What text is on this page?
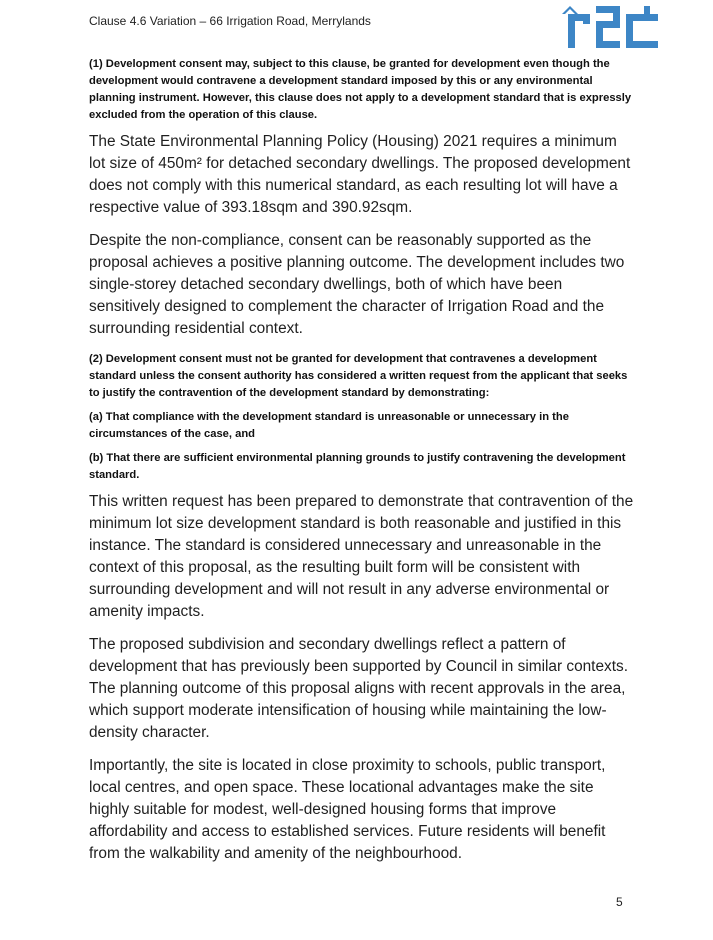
Clause 4.6 Variation – 66 Irrigation Road, Merrylands

(1) Development consent may, subject to this clause, be granted for development even though the development would contravene a development standard imposed by this or any environmental planning instrument. However, this clause does not apply to a development standard that is expressly excluded from the operation of this clause.

The State Environmental Planning Policy (Housing) 2021 requires a minimum lot size of 450m² for detached secondary dwellings. The proposed development does not comply with this numerical standard, as each resulting lot will have a respective value of 393.18sqm and 390.92sqm.

Despite the non-compliance, consent can be reasonably supported as the proposal achieves a positive planning outcome. The development includes two single-storey detached secondary dwellings, both of which have been sensitively designed to complement the character of Irrigation Road and the surrounding residential context.

(2) Development consent must not be granted for development that contravenes a development standard unless the consent authority has considered a written request from the applicant that seeks to justify the contravention of the development standard by demonstrating:

(a) That compliance with the development standard is unreasonable or unnecessary in the circumstances of the case, and

(b) That there are sufficient environmental planning grounds to justify contravening the development standard.

This written request has been prepared to demonstrate that contravention of the minimum lot size development standard is both reasonable and justified in this instance. The standard is considered unnecessary and unreasonable in the context of this proposal, as the resulting built form will be consistent with surrounding development and will not result in any adverse environmental or amenity impacts.

The proposed subdivision and secondary dwellings reflect a pattern of development that has previously been supported by Council in similar contexts. The planning outcome of this proposal aligns with recent approvals in the area, which support moderate intensification of housing while maintaining the low-density character.

Importantly, the site is located in close proximity to schools, public transport, local centres, and open space. These locational advantages make the site highly suitable for modest, well-designed housing forms that improve affordability and access to established services. Future residents will benefit from the walkability and amenity of the neighbourhood.

5
